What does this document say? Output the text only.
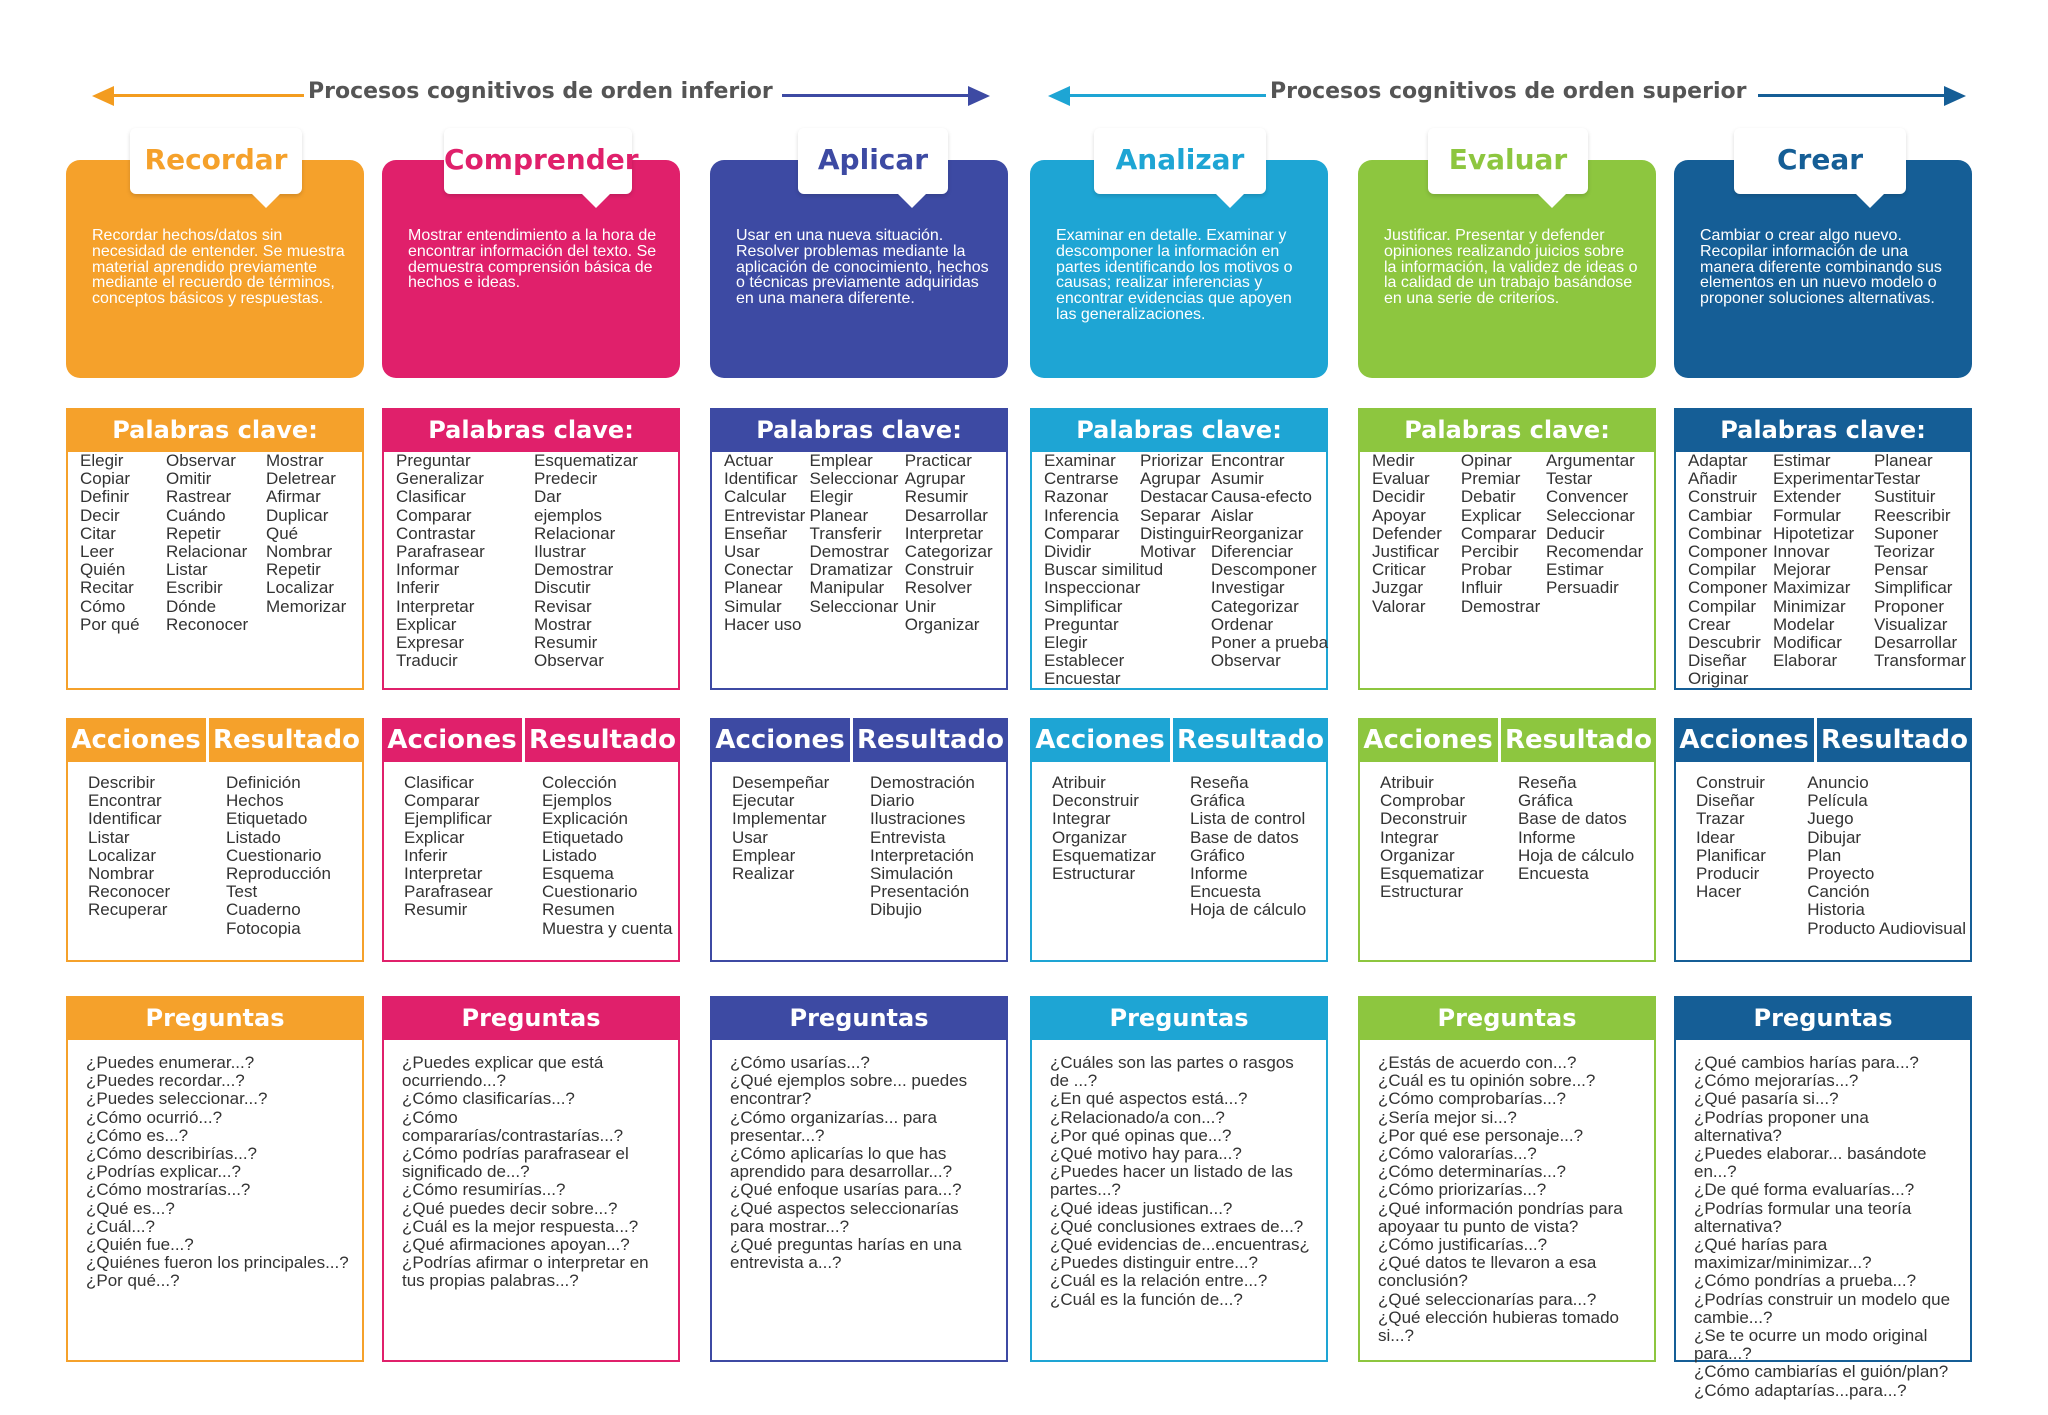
Procesos cognitivos de orden inferior	Procesos cognitivos de orden superior
Recordar hechos/datos sin necesidad de entender. Se muestra material aprendido previamente mediante el recuerdo de términos, conceptos básicos y respuestas.
Recordar
Palabras clave:
Elegir
Copiar
Definir
Decir
Citar
Leer
Quién
Recitar
Cómo
Por qué
Observar
Omitir
Rastrear
Cuándo
Repetir
Relacionar
Listar
Escribir
Dónde
Reconocer
Mostrar
Deletrear
Afirmar
Duplicar
Qué
Nombrar
Repetir
Localizar
Memorizar
Acciones Resultado
Describir
Encontrar
Identificar
Listar
Localizar
Nombrar
Reconocer
Recuperar
Definición
Hechos
Etiquetado
Listado
Cuestionario
Reproducción
Test
Cuaderno
Fotocopia
Preguntas
¿Puedes enumerar...?
¿Puedes recordar...?
¿Puedes seleccionar...?
¿Cómo ocurrió...?
¿Cómo es...?
¿Cómo describirías...?
¿Podrías explicar...?
¿Cómo mostrarías...?
¿Qué es...?
¿Cuál...?
¿Quién fue...?
¿Quiénes fueron los principales...?
¿Por qué...?
Mostrar entendimiento a la hora de encontrar información del texto. Se demuestra comprensión básica de hechos e ideas.
Comprender
Palabras clave:
Preguntar
Generalizar
Clasificar
Comparar
Contrastar
Parafrasear
Informar
Inferir
Interpretar
Explicar
Expresar
Traducir
Esquematizar
Predecir
Dar
ejemplos
Relacionar
Ilustrar
Demostrar
Discutir
Revisar
Mostrar
Resumir
Observar
Acciones Resultado
Clasificar
Comparar
Ejemplificar
Explicar
Inferir
Interpretar
Parafrasear
Resumir
Colección
Ejemplos
Explicación
Etiquetado
Listado
Esquema
Cuestionario
Resumen
Muestra y cuenta
Preguntas
¿Puedes explicar que está ocurriendo...?
¿Cómo clasificarías...?
¿Cómo compararías/contrastarías...?
¿Cómo podrías parafrasear el significado de...?
¿Cómo resumirías...?
¿Qué puedes decir sobre...?
¿Cuál es la mejor respuesta...?
¿Qué afirmaciones apoyan...?
¿Podrías afirmar o interpretar en tus propias palabras...?
Usar en una nueva situación. Resolver problemas mediante la aplicación de conocimiento, hechos o técnicas previamente adquiridas en una manera diferente.
Aplicar
Palabras clave:
Actuar
Identificar
Calcular
Entrevistar
Enseñar
Usar
Conectar
Planear
Simular
Hacer uso
Emplear
Seleccionar
Elegir
Planear
Transferir
Demostrar
Dramatizar
Manipular
Seleccionar
Practicar
Agrupar
Resumir
Desarrollar
Interpretar
Categorizar
Construir
Resolver
Unir
Organizar
Acciones Resultado
Desempeñar
Ejecutar
Implementar
Usar
Emplear
Realizar
Demostración
Diario
Ilustraciones
Entrevista
Interpretación
Simulación
Presentación
Dibujio
Preguntas
¿Cómo usarías...?
¿Qué ejemplos sobre... puedes encontrar?
¿Cómo organizarías... para presentar...?
¿Cómo aplicarías lo que has aprendido para desarrollar...?
¿Qué enfoque usarías para...?
¿Qué aspectos seleccionarías para mostrar...?
¿Qué preguntas harías en una entrevista a...?
Examinar en detalle. Examinar y descomponer la información en partes identificando los motivos o causas; realizar inferencias y encontrar evidencias que apoyen las generalizaciones.
Analizar
Palabras clave:
Examinar
Centrarse
Razonar
Inferencia
Comparar
Dividir
Buscar similitud
Inspeccionar
Simplificar
Preguntar
Elegir
Establecer
Encuestar
Priorizar
Agrupar
Destacar
Separar
Distinguir
Motivar
Encontrar
Asumir
Causa-efecto
Aislar
Reorganizar
Diferenciar
Descomponer
Investigar
Categorizar
Ordenar
Poner a prueba
Observar
Acciones Resultado
Atribuir
Deconstruir
Integrar
Organizar
Esquematizar
Estructurar
Reseña
Gráfica
Lista de control
Base de datos
Gráfico
Informe
Encuesta
Hoja de cálculo
Preguntas
¿Cuáles son las partes o rasgos de ...?
¿En qué aspectos está...?
¿Relacionado/a con...?
¿Por qué opinas que...?
¿Qué motivo hay para...?
¿Puedes hacer un listado de las partes...?
¿Qué ideas justifican...?
¿Qué conclusiones extraes de...?
¿Qué evidencias de...encuentras¿
¿Puedes distinguir entre...?
¿Cuál es la relación entre...?
¿Cuál es la función de...?
Justificar. Presentar y defender opiniones realizando juicios sobre la información, la validez de ideas o la calidad de un trabajo basándose en una serie de criterios.
Evaluar
Palabras clave:
Medir
Evaluar
Decidir
Apoyar
Defender
Justificar
Criticar
Juzgar
Valorar
Opinar
Premiar
Debatir
Explicar
Comparar
Percibir
Probar
Influir
Demostrar
Argumentar
Testar
Convencer
Seleccionar
Deducir
Recomendar
Estimar
Persuadir
Acciones Resultado
Atribuir
Comprobar
Deconstruir
Integrar
Organizar
Esquematizar
Estructurar
Reseña
Gráfica
Base de datos
Informe
Hoja de cálculo
Encuesta
Preguntas
¿Estás de acuerdo con...?
¿Cuál es tu opinión sobre...?
¿Cómo comprobarías...?
¿Sería mejor si...?
¿Por qué ese personaje...?
¿Cómo valorarías...?
¿Cómo determinarías...?
¿Cómo priorizarías...?
¿Qué información pondrías para apoyaar tu punto de vista?
¿Cómo justificarías...?
¿Qué datos te llevaron a esa conclusión?
¿Qué seleccionarías para...?
¿Qué elección hubieras tomado si...?
Cambiar o crear algo nuevo. Recopilar información de una manera diferente combinando sus elementos en un nuevo modelo o proponer soluciones alternativas.
Crear
Palabras clave:
Adaptar
Añadir
Construir
Cambiar
Combinar
Componer
Compilar
Componer
Compilar
Crear
Descubrir
Diseñar
Originar
Estimar
Experimentar
Extender
Formular
Hipotetizar
Innovar
Mejorar
Maximizar
Minimizar
Modelar
Modificar
Elaborar
Planear
Testar
Sustituir
Reescribir
Suponer
Teorizar
Pensar
Simplificar
Proponer
Visualizar
Desarrollar
Transformar
Acciones Resultado
Construir
Diseñar
Trazar
Idear
Planificar
Producir
Hacer
Anuncio
Película
Juego
Dibujar
Plan
Proyecto
Canción
Historia
Producto Audiovisual
Preguntas
¿Qué cambios harías para...?
¿Cómo mejorarías...?
¿Qué pasaría si...?
¿Podrías proponer una alternativa?
¿Puedes elaborar... basándote en...?
¿De qué forma evaluarías...?
¿Podrías formular una teoría alternativa?
¿Qué harías para maximizar/minimizar...?
¿Cómo pondrías a prueba...?
¿Podrías construir un modelo que cambie...?
¿Se te ocurre un modo original para...?
¿Cómo cambiarías el guión/plan?
¿Cómo adaptarías...para...?
